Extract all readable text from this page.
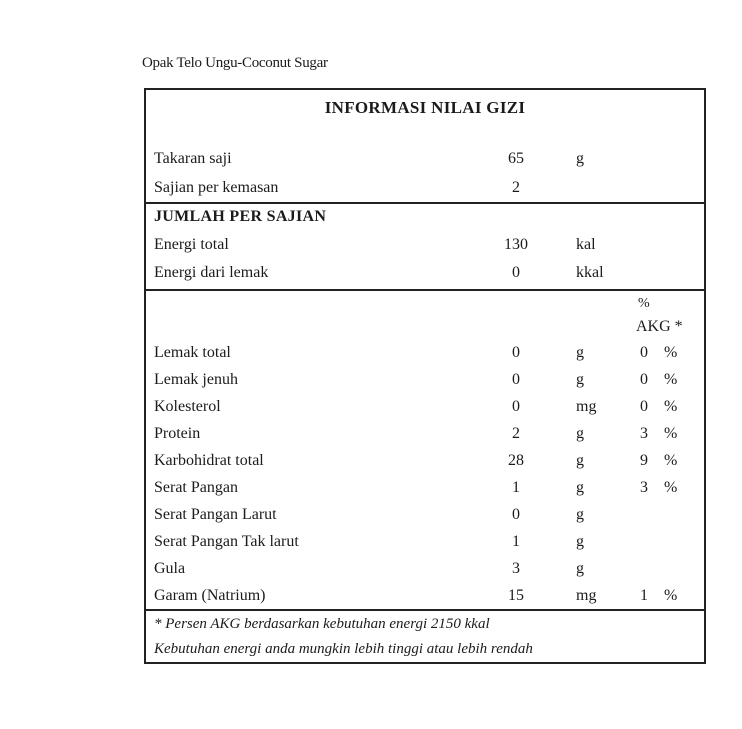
Opak Telo Ungu-Coconut Sugar
INFORMASI NILAI GIZI
Takaran saji	65	g
Sajian per kemasan	2
JUMLAH PER SAJIAN
Energi total	130	kal
Energi dari lemak	0	kkal
%
AKG *
Lemak total	0	g	0	%
Lemak jenuh	0	g	0	%
Kolesterol	0	mg	0	%
Protein	2	g	3	%
Karbohidrat total	28	g	9	%
Serat Pangan	1	g	3	%
Serat Pangan Larut	0	g
Serat Pangan Tak larut	1	g
Gula	3	g
Garam (Natrium)	15	mg	1	%
* Persen AKG berdasarkan kebutuhan energi 2150 kkal
Kebutuhan energi anda mungkin lebih tinggi atau lebih rendah
